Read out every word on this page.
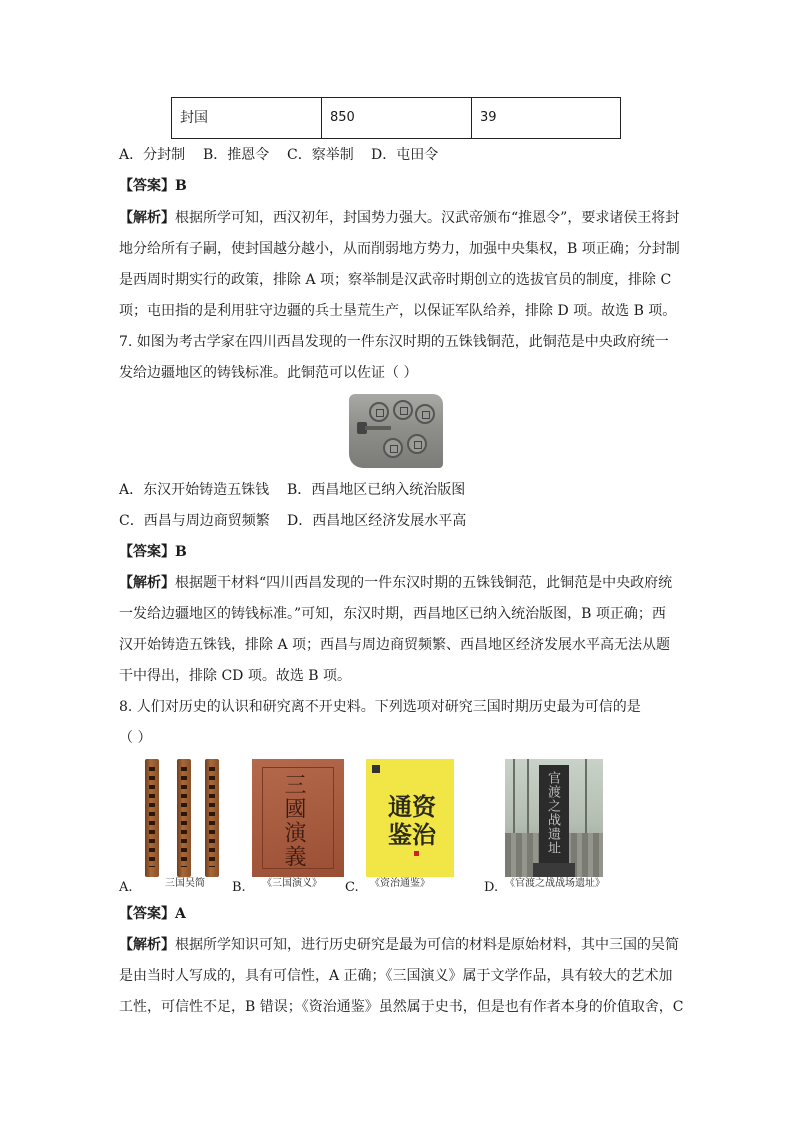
封国	850	39
A．分封制 B．推恩令 C．察举制 D．屯田令
【答案】B
【解析】根据所学可知，西汉初年，封国势力强大。汉武帝颁布“推恩令”，要求诸侯王将封
地分给所有子嗣，使封国越分越小，从而削弱地方势力，加强中央集权，B 项正确；分封制
是西周时期实行的政策，排除 A 项；察举制是汉武帝时期创立的选拔官员的制度，排除 C
项；屯田指的是利用驻守边疆的兵士垦荒生产，以保证军队给养，排除 D 项。故选 B 项。
7. 如图为考古学家在四川西昌发现的一件东汉时期的五铢钱铜范，此铜范是中央政府统一
发给边疆地区的铸钱标准。此铜范可以佐证（ ）
A．东汉开始铸造五铢钱 B．西昌地区已纳入统治版图
C．西昌与周边商贸频繁 D．西昌地区经济发展水平高
【答案】B
【解析】根据题干材料“四川西昌发现的一件东汉时期的五铢钱铜范，此铜范是中央政府统
一发给边疆地区的铸钱标准。”可知，东汉时期，西昌地区已纳入统治版图，B 项正确；西
汉开始铸造五铢钱，排除 A 项；西昌与周边商贸频繁、西昌地区经济发展水平高无法从题
干中得出，排除 CD 项。故选 B 项。
8. 人们对历史的认识和研究离不开史料。下列选项对研究三国时期历史最为可信的是
（ ）
三國演義	通资鉴治	官渡之战遗址
A.	三国吴简 B. 《三国演义》 C. 《资治通鉴》	D. 《官渡之战战场遗址》
【答案】A
【解析】根据所学知识可知，进行历史研究是最为可信的材料是原始材料，其中三国的吴简
是由当时人写成的，具有可信性，A 正确；《三国演义》属于文学作品，具有较大的艺术加
工性，可信性不足，B 错误；《资治通鉴》虽然属于史书，但是也有作者本身的价值取舍，C
